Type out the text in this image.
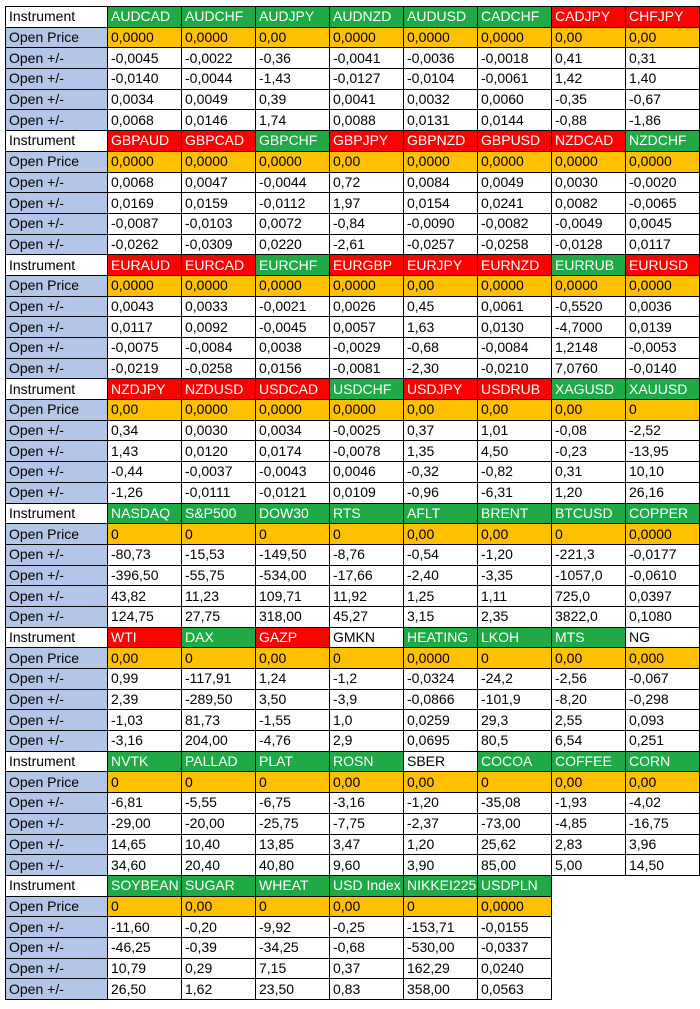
Instrument	AUDCAD	AUDCHF	AUDJPY	AUDNZD	AUDUSD	CADCHF	CADJPY	CHFJPY
Open Price	0,0000	0,0000	0,00	0,0000	0,0000	0,0000	0,00	0,00
Open +/-	-0,0045	-0,0022	-0,36	-0,0041	-0,0036	-0,0018	0,41	0,31
Open +/-	-0,0140	-0,0044	-1,43	-0,0127	-0,0104	-0,0061	1,42	1,40
Open +/-	0,0034	0,0049	0,39	0,0041	0,0032	0,0060	-0,35	-0,67
Open +/-	0,0068	0,0146	1,74	0,0088	0,0131	0,0144	-0,88	-1,86
Instrument	GBPAUD	GBPCAD	GBPCHF	GBPJPY	GBPNZD	GBPUSD	NZDCAD	NZDCHF
Open Price	0,0000	0,0000	0,0000	0,00	0,0000	0,0000	0,0000	0,0000
Open +/-	0,0068	0,0047	-0,0044	0,72	0,0084	0,0049	0,0030	-0,0020
Open +/-	0,0169	0,0159	-0,0112	1,97	0,0154	0,0241	0,0082	-0,0065
Open +/-	-0,0087	-0,0103	0,0072	-0,84	-0,0090	-0,0082	-0,0049	0,0045
Open +/-	-0,0262	-0,0309	0,0220	-2,61	-0,0257	-0,0258	-0,0128	0,0117
Instrument	EURAUD	EURCAD	EURCHF	EURGBP	EURJPY	EURNZD	EURRUB	EURUSD
Open Price	0,0000	0,0000	0,0000	0,0000	0,00	0,0000	0,0000	0,0000
Open +/-	0,0043	0,0033	-0,0021	0,0026	0,45	0,0061	-0,5520	0,0036
Open +/-	0,0117	0,0092	-0,0045	0,0057	1,63	0,0130	-4,7000	0,0139
Open +/-	-0,0075	-0,0084	0,0038	-0,0029	-0,68	-0,0084	1,2148	-0,0053
Open +/-	-0,0219	-0,0258	0,0156	-0,0081	-2,30	-0,0210	7,0760	-0,0140
Instrument	NZDJPY	NZDUSD	USDCAD	USDCHF	USDJPY	USDRUB	XAGUSD	XAUUSD
Open Price	0,00	0,0000	0,0000	0,0000	0,00	0,00	0,00	0
Open +/-	0,34	0,0030	0,0034	-0,0025	0,37	1,01	-0,08	-2,52
Open +/-	1,43	0,0120	0,0174	-0,0078	1,35	4,50	-0,23	-13,95
Open +/-	-0,44	-0,0037	-0,0043	0,0046	-0,32	-0,82	0,31	10,10
Open +/-	-1,26	-0,0111	-0,0121	0,0109	-0,96	-6,31	1,20	26,16
Instrument	NASDAQ	S&P500	DOW30	RTS	AFLT	BRENT	BTCUSD	COPPER
Open Price	0	0	0	0	0,00	0,00	0	0,0000
Open +/-	-80,73	-15,53	-149,50	-8,76	-0,54	-1,20	-221,3	-0,0177
Open +/-	-396,50	-55,75	-534,00	-17,66	-2,40	-3,35	-1057,0	-0,0610
Open +/-	43,82	11,23	109,71	11,92	1,25	1,11	725,0	0,0397
Open +/-	124,75	27,75	318,00	45,27	3,15	2,35	3822,0	0,1080
Instrument	WTI	DAX	GAZP	GMKN	HEATING	LKOH	MTS	NG
Open Price	0,00	0	0,00	0	0,0000	0	0,00	0,000
Open +/-	0,99	-117,91	1,24	-1,2	-0,0324	-24,2	-2,56	-0,067
Open +/-	2,39	-289,50	3,50	-3,9	-0,0866	-101,9	-8,20	-0,298
Open +/-	-1,03	81,73	-1,55	1,0	0,0259	29,3	2,55	0,093
Open +/-	-3,16	204,00	-4,76	2,9	0,0695	80,5	6,54	0,251
Instrument	NVTK	PALLAD	PLAT	ROSN	SBER	COCOA	COFFEE	CORN
Open Price	0	0	0	0,00	0,00	0	0,00	0,00
Open +/-	-6,81	-5,55	-6,75	-3,16	-1,20	-35,08	-1,93	-4,02
Open +/-	-29,00	-20,00	-25,75	-7,75	-2,37	-73,00	-4,85	-16,75
Open +/-	14,65	10,40	13,85	3,47	1,20	25,62	2,83	3,96
Open +/-	34,60	20,40	40,80	9,60	3,90	85,00	5,00	14,50
Instrument	SOYBEAN	SUGAR	WHEAT	USD Index	NIKKEI225	USDPLN		
Open Price	0	0,00	0	0,00	0	0,0000		
Open +/-	-11,60	-0,20	-9,92	-0,25	-153,71	-0,0155		
Open +/-	-46,25	-0,39	-34,25	-0,68	-530,00	-0,0337		
Open +/-	10,79	0,29	7,15	0,37	162,29	0,0240		
Open +/-	26,50	1,62	23,50	0,83	358,00	0,0563		
